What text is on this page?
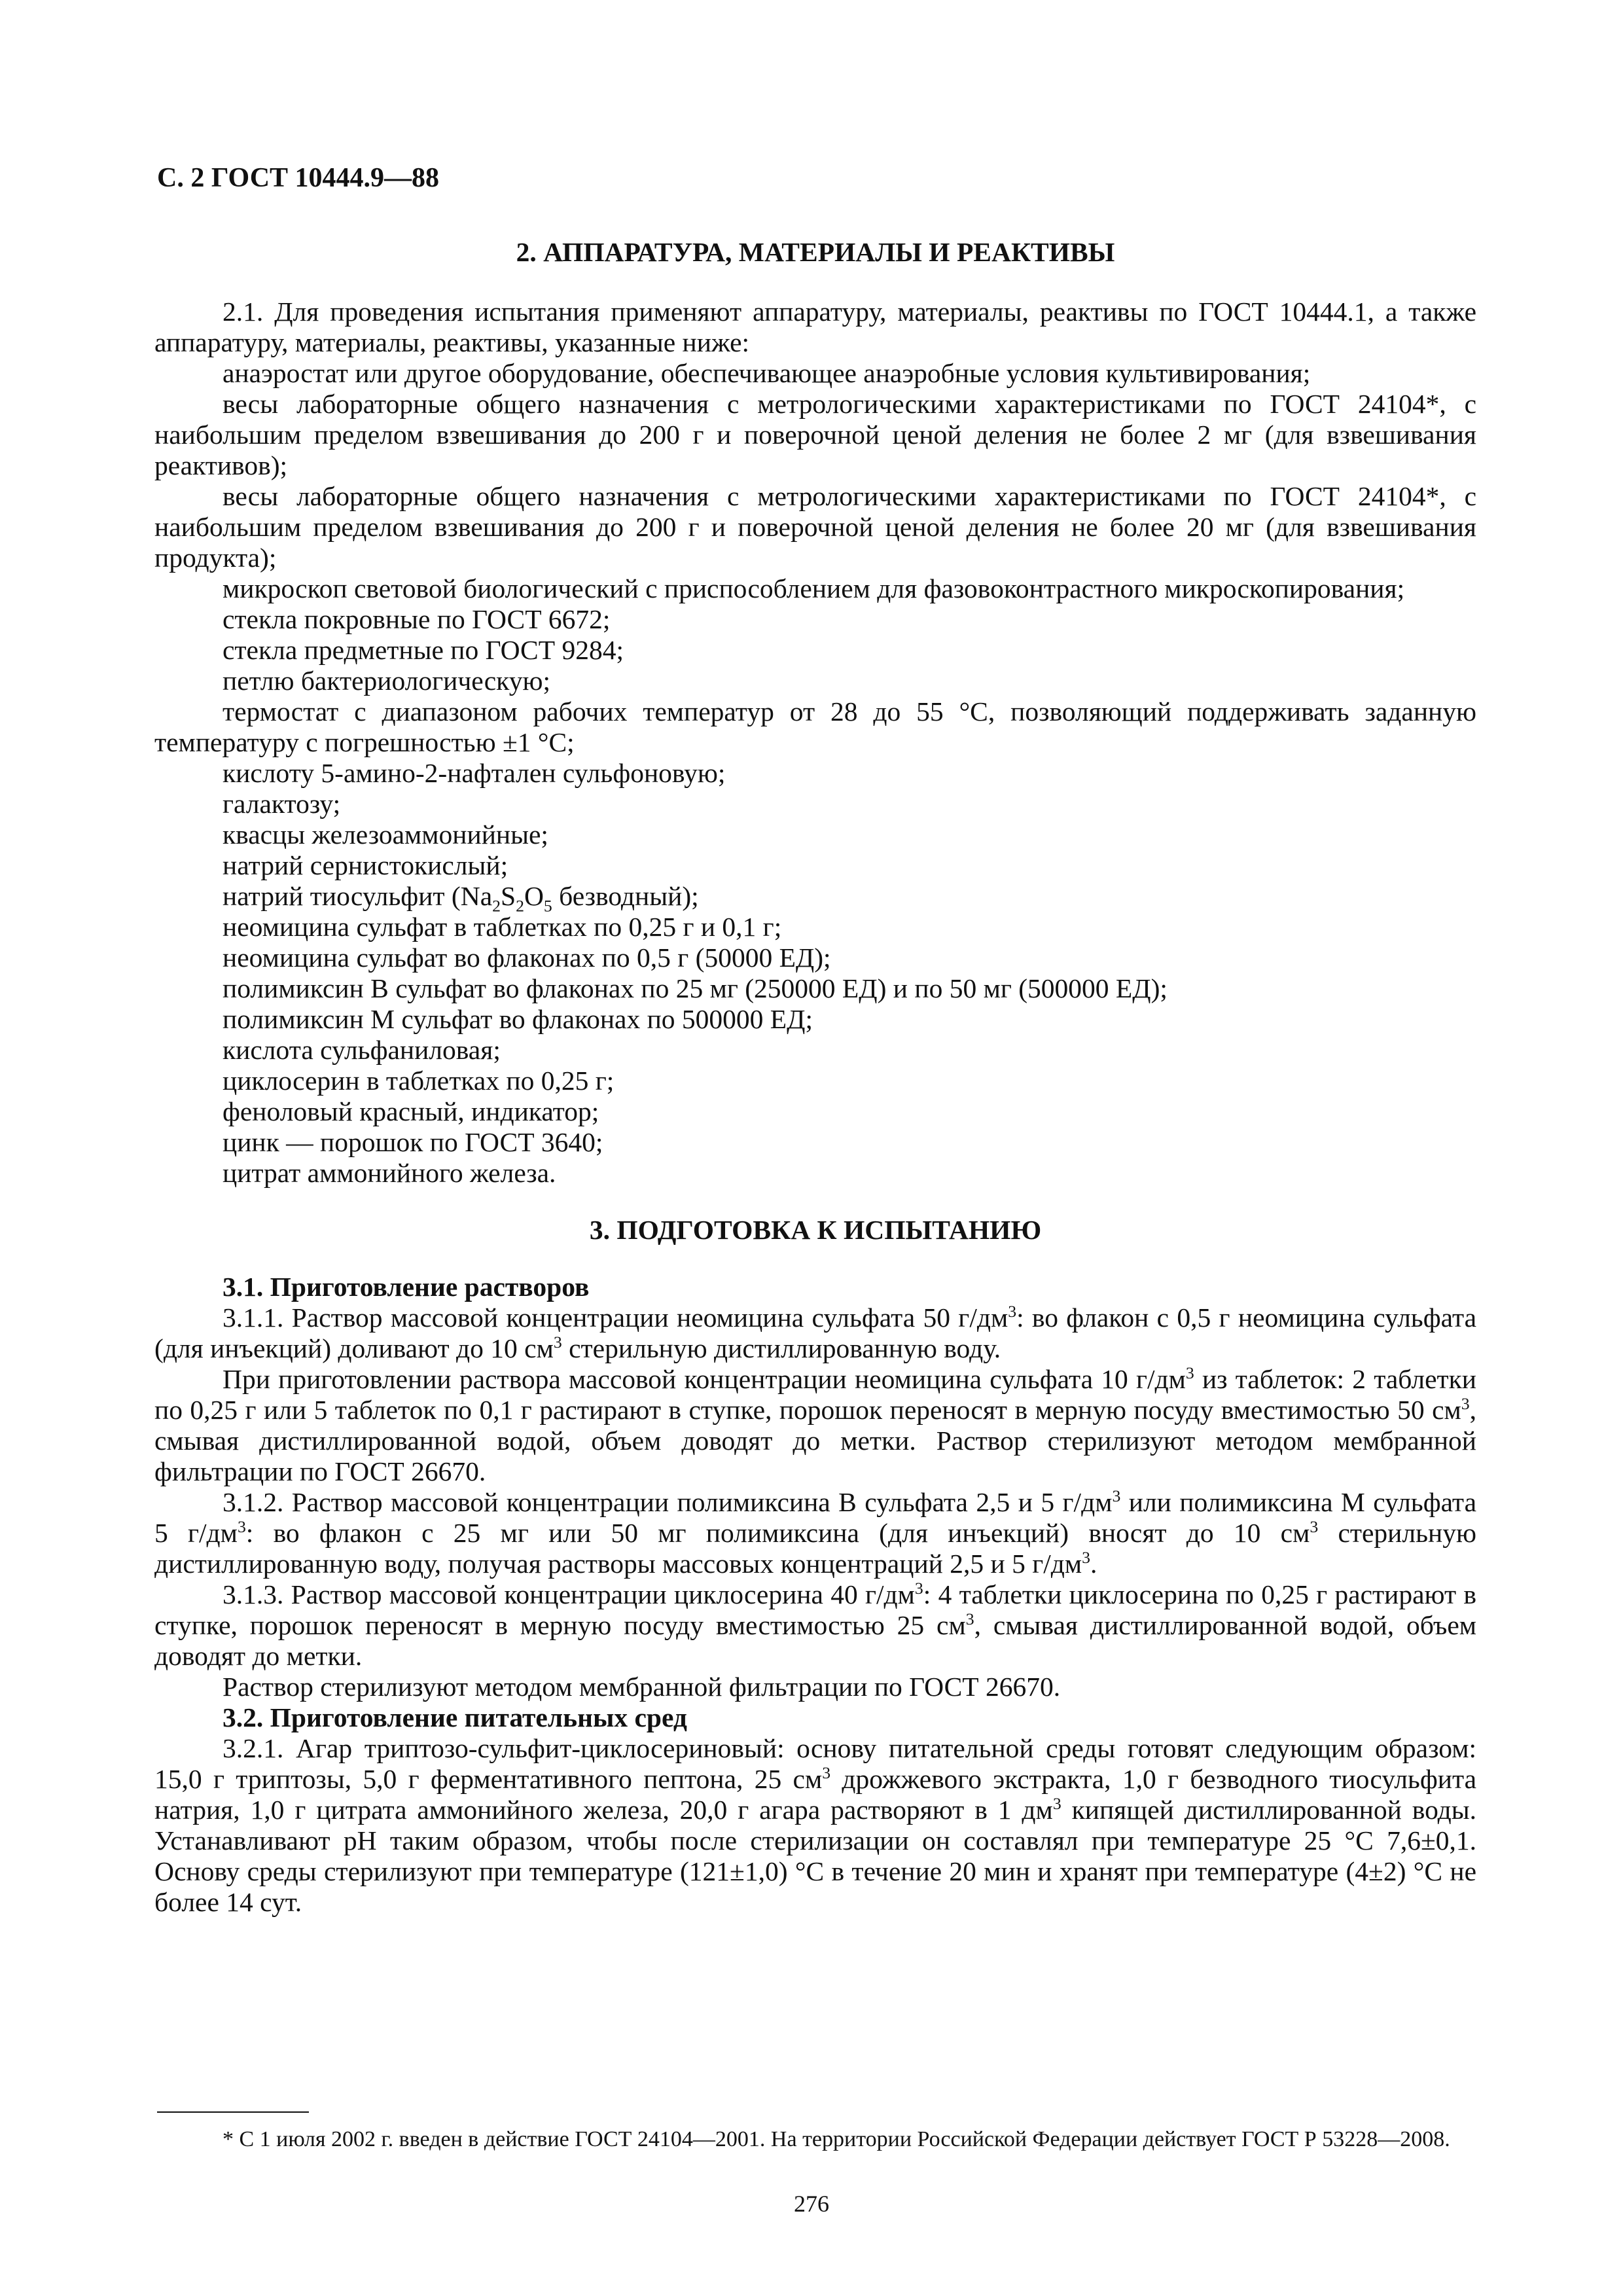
С. 2 ГОСТ 10444.9—88

2. АППАРАТУРА, МАТЕРИАЛЫ И РЕАКТИВЫ

2.1. Для проведения испытания применяют аппаратуру, материалы, реактивы по ГОСТ 10444.1, а также аппаратуру, материалы, реактивы, указанные ниже:

анаэростат или другое оборудование, обеспечивающее анаэробные условия культивирования;

весы лабораторные общего назначения с метрологическими характеристиками по ГОСТ 24104*, с наибольшим пределом взвешивания до 200 г и поверочной ценой деления не более 2 мг (для взвешивания реактивов);

весы лабораторные общего назначения с метрологическими характеристиками по ГОСТ 24104*, с наибольшим пределом взвешивания до 200 г и поверочной ценой деления не более 20 мг (для взвешивания продукта);

микроскоп световой биологический с приспособлением для фазовоконтрастного микроскопирования;

стекла покровные по ГОСТ 6672;

стекла предметные по ГОСТ 9284;

петлю бактериологическую;

термостат с диапазоном рабочих температур от 28 до 55 °С, позволяющий поддерживать заданную температуру с погрешностью ±1 °С;

кислоту 5-амино-2-нафтален сульфоновую;

галактозу;

квасцы железоаммонийные;

натрий сернистокислый;

натрий тиосульфит ($Na_2S_2O_5$ безводный);

неомицина сульфат в таблетках по 0,25 г и 0,1 г;

неомицина сульфат во флаконах по 0,5 г (50000 ЕД);

полимиксин В сульфат во флаконах по 25 мг (250000 ЕД) и по 50 мг (500000 ЕД);

полимиксин М сульфат во флаконах по 500000 ЕД;

кислота сульфаниловая;

циклосерин в таблетках по 0,25 г;

феноловый красный, индикатор;

цинк — порошок по ГОСТ 3640;

цитрат аммонийного железа.

3. ПОДГОТОВКА К ИСПЫТАНИЮ

3.1. Приготовление растворов

3.1.1. Раствор массовой концентрации неомицина сульфата 50 $г/дм^3$: во флакон с 0,5 г неомицина сульфата (для инъекций) доливают до 10 $см^3$ стерильную дистиллированную воду.

При приготовлении раствора массовой концентрации неомицина сульфата 10 $г/дм^3$ из таблеток: 2 таблетки по 0,25 г или 5 таблеток по 0,1 г растирают в ступке, порошок переносят в мерную посуду вместимостью 50 $см^3$, смывая дистиллированной водой, объем доводят до метки. Раствор стерилизуют методом мембранной фильтрации по ГОСТ 26670.

3.1.2. Раствор массовой концентрации полимиксина В сульфата 2,5 и 5 $г/дм^3$ или полимиксина М сульфата 5 $г/дм^3$: во флакон с 25 мг или 50 мг полимиксина (для инъекций) вносят до 10 $см^3$ стерильную дистиллированную воду, получая растворы массовых концентраций 2,5 и 5 $г/дм^3$.

3.1.3. Раствор массовой концентрации циклосерина 40 $г/дм^3$: 4 таблетки циклосерина по 0,25 г растирают в ступке, порошок переносят в мерную посуду вместимостью 25 $см^3$, смывая дистиллированной водой, объем доводят до метки.

Раствор стерилизуют методом мембранной фильтрации по ГОСТ 26670.

3.2. Приготовление питательных сред

3.2.1. Агар триптозо-сульфит-циклосериновый: основу питательной среды готовят следующим образом: 15,0 г триптозы, 5,0 г ферментативного пептона, 25 $см^3$ дрожжевого экстракта, 1,0 г безводного тиосульфита натрия, 1,0 г цитрата аммонийного железа, 20,0 г агара растворяют в 1 $дм^3$ кипящей дистиллированной воды. Устанавливают pH таким образом, чтобы после стерилизации он составлял при температуре 25 °С 7,6±0,1. Основу среды стерилизуют при температуре (121±1,0) °С в течение 20 мин и хранят при температуре (4±2) °С не более 14 сут.

* С 1 июля 2002 г. введен в действие ГОСТ 24104—2001. На территории Российской Федерации действует ГОСТ Р 53228—2008.
276
